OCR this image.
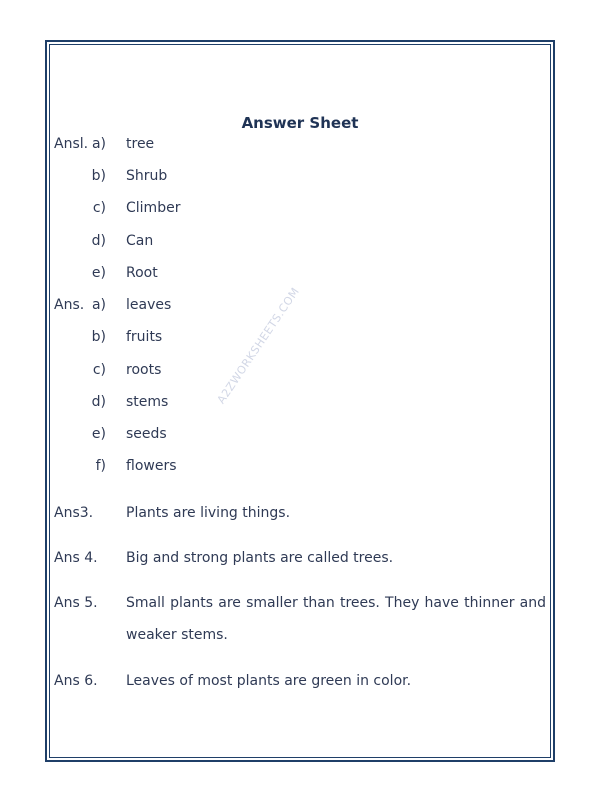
Answer Sheet
A2ZWORKSHEETS.COM
Ansl. a) tree
b) Shrub
c) Climber
d) Can
e) Root
Ans. a) leaves
b) fruits
c) roots
d) stems
e) seeds
f) flowers
Ans3. Plants are living things.
Ans 4. Big and strong plants are called trees.
Ans 5. Small plants are smaller than trees. They have thinner and weaker stems.
Ans 6. Leaves of most plants are green in color.
